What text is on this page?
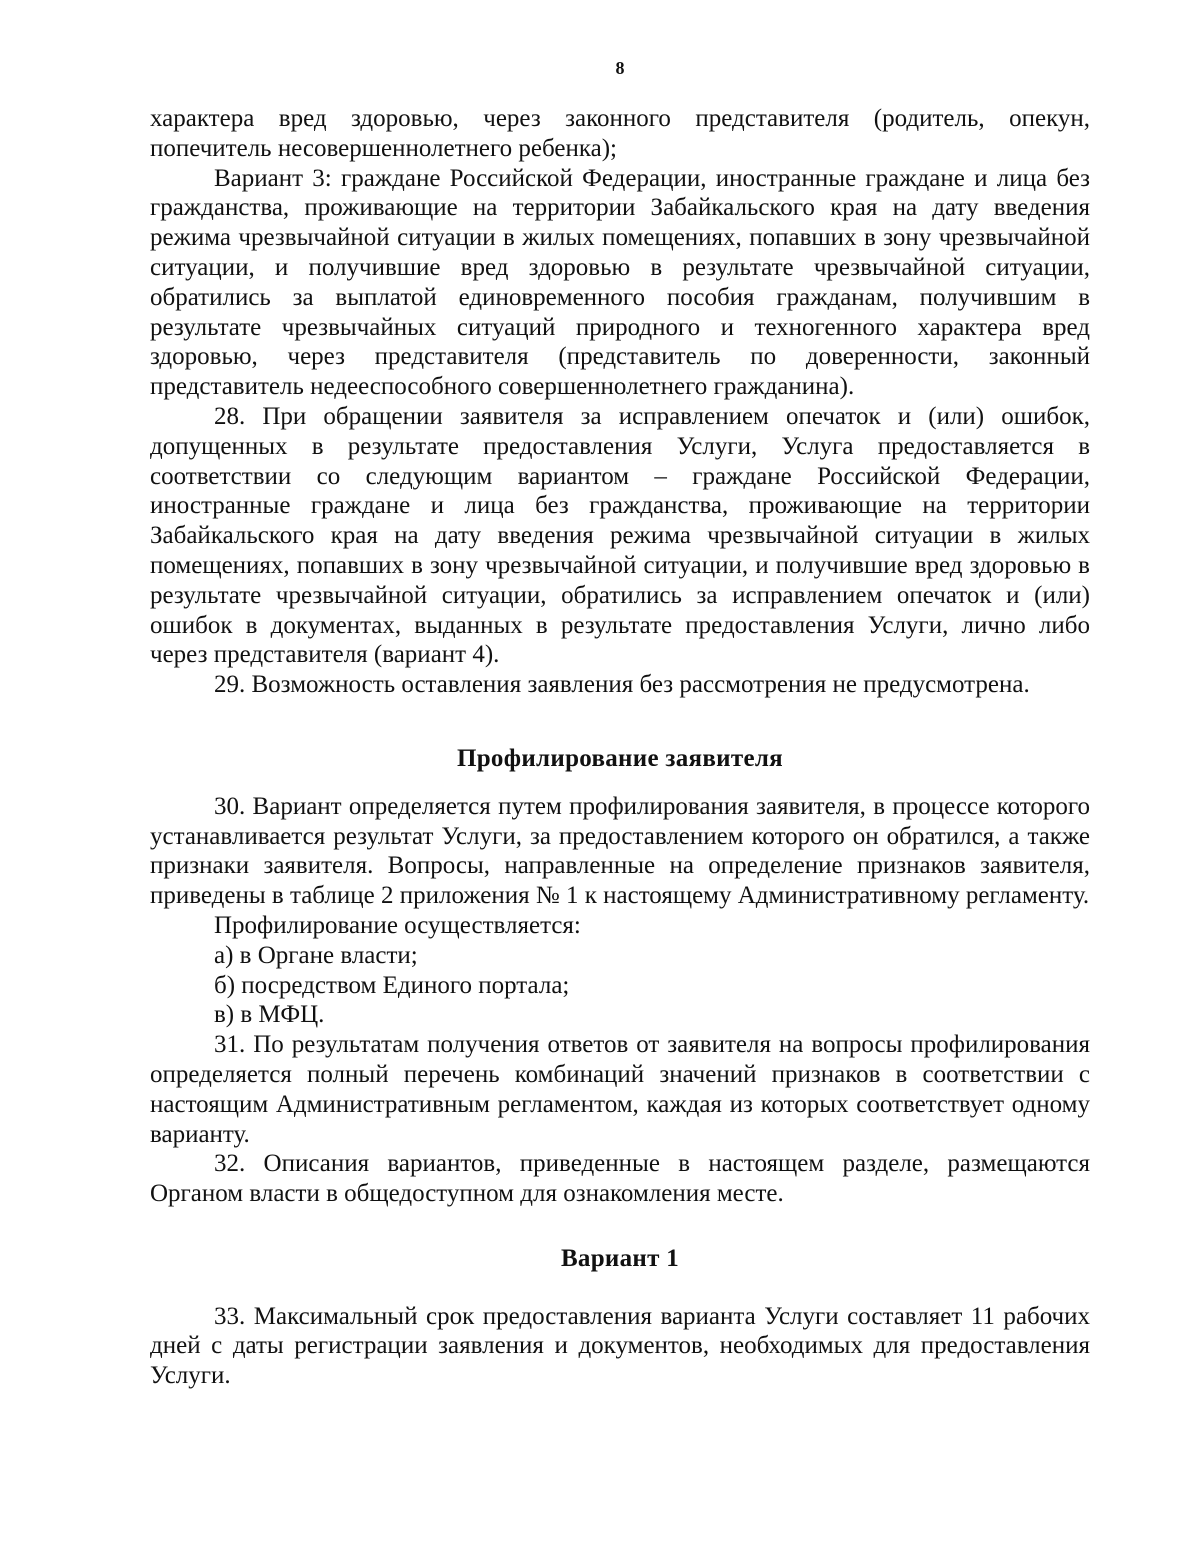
8

характера вред здоровью, через законного представителя (родитель, опекун, попечитель несовершеннолетнего ребенка);

Вариант 3: граждане Российской Федерации, иностранные граждане и лица без гражданства, проживающие на территории Забайкальского края на дату введения режима чрезвычайной ситуации в жилых помещениях, попавших в зону чрезвычайной ситуации, и получившие вред здоровью в результате чрезвычайной ситуации, обратились за выплатой единовременного пособия гражданам, получившим в результате чрезвычайных ситуаций природного и техногенного характера вред здоровью, через представителя (представитель по доверенности, законный представитель недееспособного совершеннолетнего гражданина).

28. При обращении заявителя за исправлением опечаток и (или) ошибок, допущенных в результате предоставления Услуги, Услуга предоставляется в соответствии со следующим вариантом – граждане Российской Федерации, иностранные граждане и лица без гражданства, проживающие на территории Забайкальского края на дату введения режима чрезвычайной ситуации в жилых помещениях, попавших в зону чрезвычайной ситуации, и получившие вред здоровью в результате чрезвычайной ситуации, обратились за исправлением опечаток и (или) ошибок в документах, выданных в результате предоставления Услуги, лично либо через представителя (вариант 4).

29. Возможность оставления заявления без рассмотрения не предусмотрена.

Профилирование заявителя

30. Вариант определяется путем профилирования заявителя, в процессе которого устанавливается результат Услуги, за предоставлением которого он обратился, а также признаки заявителя. Вопросы, направленные на определение признаков заявителя, приведены в таблице 2 приложения № 1 к настоящему Административному регламенту.

Профилирование осуществляется:

а) в Органе власти;

б) посредством Единого портала;

в) в МФЦ.

31. По результатам получения ответов от заявителя на вопросы профилирования определяется полный перечень комбинаций значений признаков в соответствии с настоящим Административным регламентом, каждая из которых соответствует одному варианту.

32. Описания вариантов, приведенные в настоящем разделе, размещаются Органом власти в общедоступном для ознакомления месте.

Вариант 1

33. Максимальный срок предоставления варианта Услуги составляет 11 рабочих дней с даты регистрации заявления и документов, необходимых для предоставления Услуги.
